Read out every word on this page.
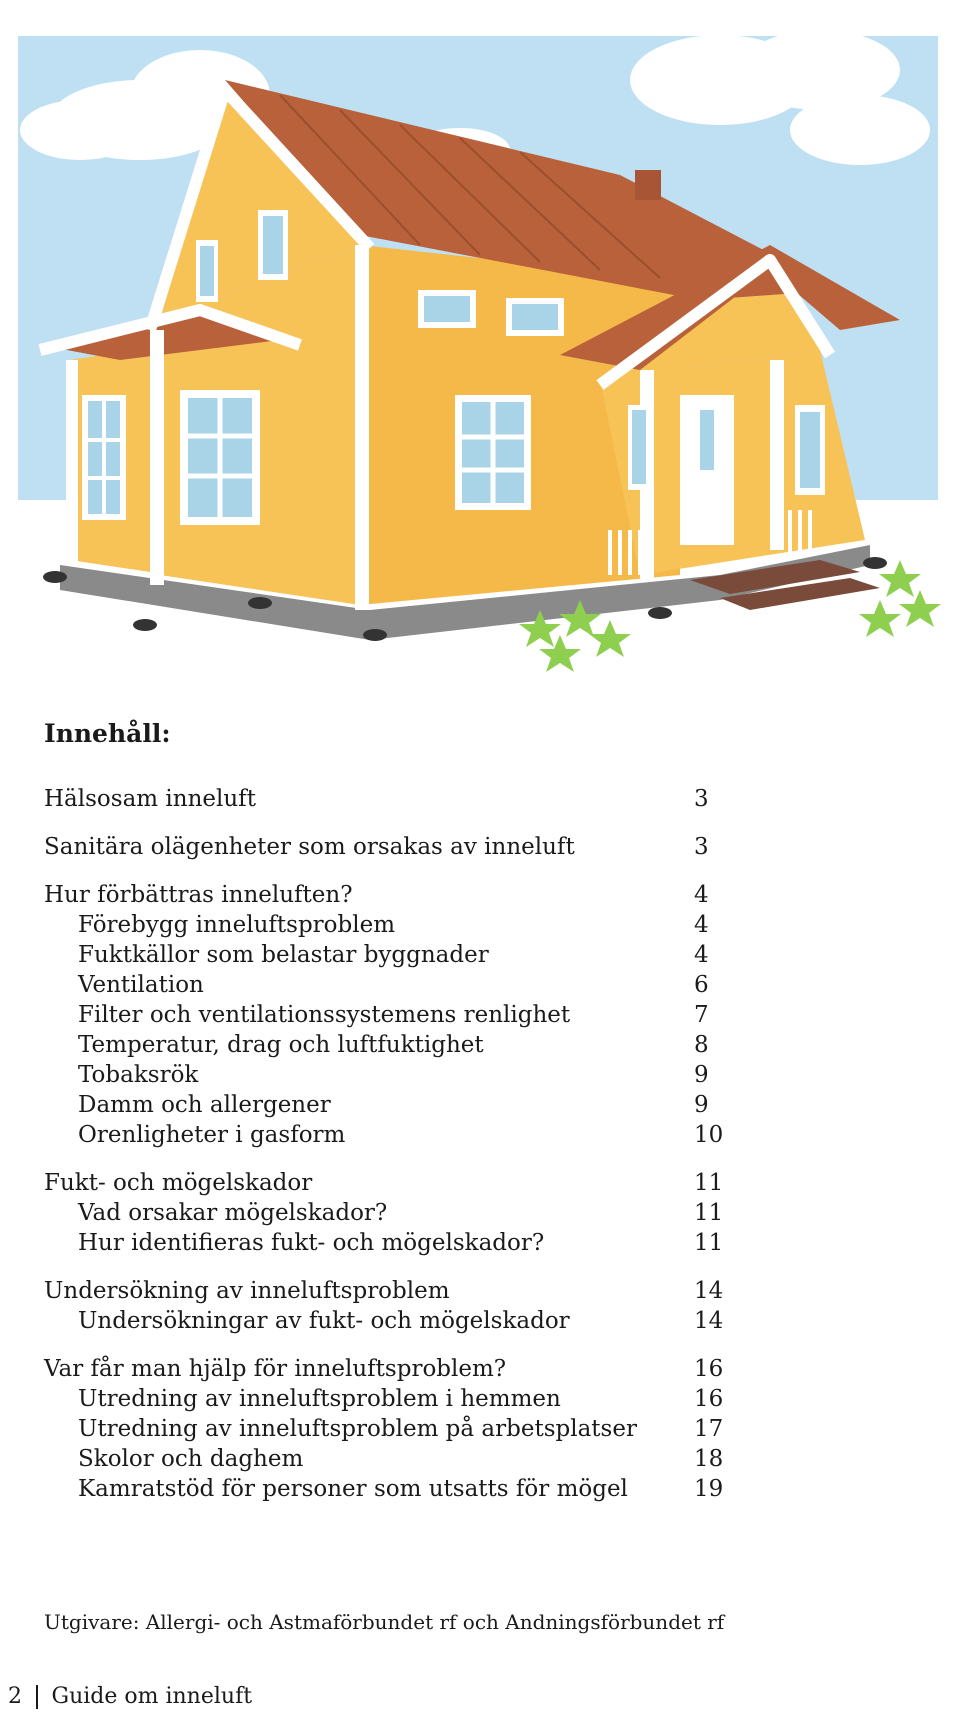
Innehåll:
Hälsosam inneluft	3
Sanitära olägenheter som orsakas av inneluft	3
Hur förbättras inneluften?	4
Förebygg inneluftsproblem	4
Fuktkällor som belastar byggnader	4
Ventilation	6
Filter och ventilationssystemens renlighet	7
Temperatur, drag och luftfuktighet	8
Tobaksrök	9
Damm och allergener	9
Orenligheter i gasform	10
Fukt- och mögelskador	11
Vad orsakar mögelskador?	11
Hur identifieras fukt- och mögelskador?	11
Undersökning av inneluftsproblem	14
Undersökningar av fukt- och mögelskador	14
Var får man hjälp för inneluftsproblem?	16
Utredning av inneluftsproblem i hemmen	16
Utredning av inneluftsproblem på arbetsplatser	17
Skolor och daghem	18
Kamratstöd för personer som utsatts för mögel	19
Utgivare: Allergi- och Astmaförbundet rf och Andningsförbundet rf
2 Guide om inneluft
